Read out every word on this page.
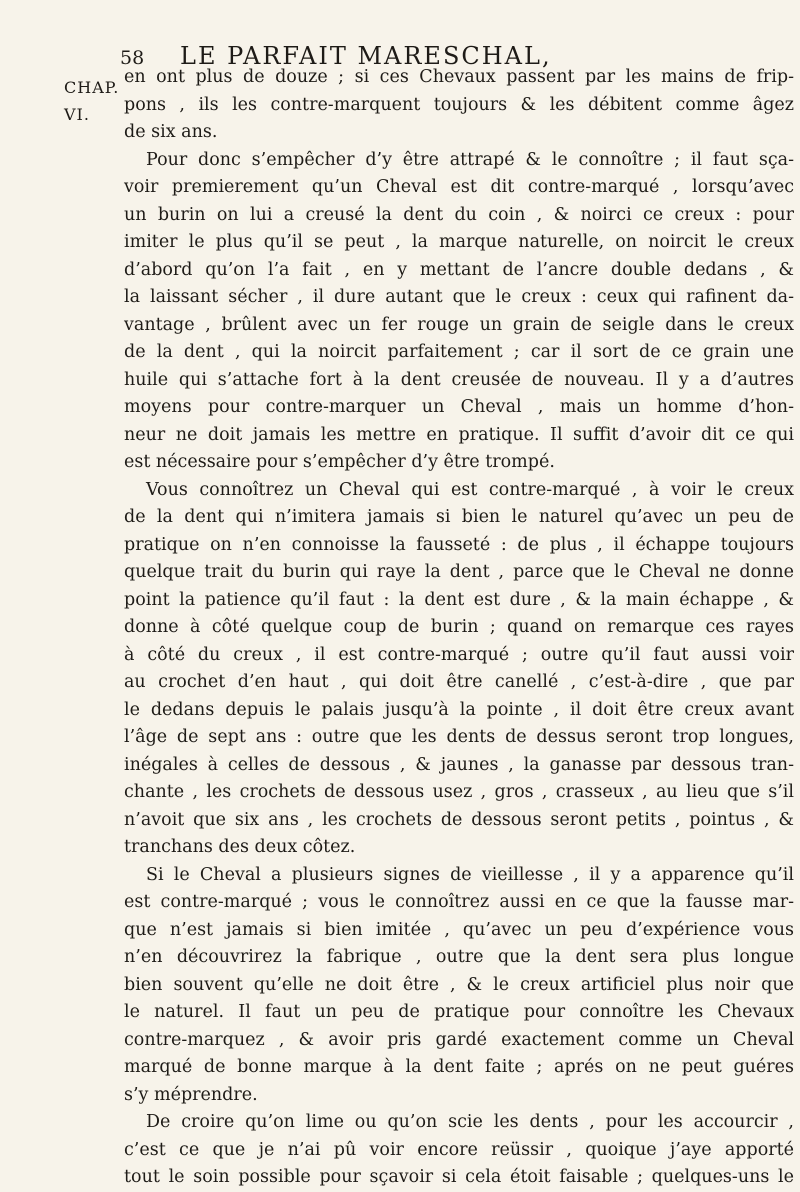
58	LE PARFAIT MARESCHAL,
CHAP.
VI.
en ont plus de douze ; si ces Chevaux passent par les mains de frip-
pons , ils les contre-marquent toujours & les débitent comme âgez
de six ans.
Pour donc s’empêcher d’y être attrapé & le connoître ; il faut sça-
voir premierement qu’un Cheval est dit contre-marqué , lorsqu’avec
un burin on lui a creusé la dent du coin , & noirci ce creux : pour
imiter le plus qu’il se peut , la marque naturelle, on noircit le creux
d’abord qu’on l’a fait , en y mettant de l’ancre double dedans , &
la laissant sécher , il dure autant que le creux : ceux qui rafinent da-
vantage , brûlent avec un fer rouge un grain de seigle dans le creux
de la dent , qui la noircit parfaitement ; car il sort de ce grain une
huile qui s’attache fort à la dent creusée de nouveau. Il y a d’autres
moyens pour contre-marquer un Cheval , mais un homme d’hon-
neur ne doit jamais les mettre en pratique. Il suffit d’avoir dit ce qui
est nécessaire pour s’empêcher d’y être trompé.
Vous connoîtrez un Cheval qui est contre-marqué , à voir le creux
de la dent qui n’imitera jamais si bien le naturel qu’avec un peu de
pratique on n’en connoisse la fausseté : de plus , il échappe toujours
quelque trait du burin qui raye la dent , parce que le Cheval ne donne
point la patience qu’il faut : la dent est dure , & la main échappe , &
donne à côté quelque coup de burin ; quand on remarque ces rayes
à côté du creux , il est contre-marqué ; outre qu’il faut aussi voir
au crochet d’en haut , qui doit être canellé , c’est-à-dire , que par
le dedans depuis le palais jusqu’à la pointe , il doit être creux avant
l’âge de sept ans : outre que les dents de dessus seront trop longues,
inégales à celles de dessous , & jaunes , la ganasse par dessous tran-
chante , les crochets de dessous usez , gros , crasseux , au lieu que s’il
n’avoit que six ans , les crochets de dessous seront petits , pointus , &
tranchans des deux côtez.
Si le Cheval a plusieurs signes de vieillesse , il y a apparence qu’il
est contre-marqué ; vous le connoîtrez aussi en ce que la fausse mar-
que n’est jamais si bien imitée , qu’avec un peu d’expérience vous
n’en découvrirez la fabrique , outre que la dent sera plus longue
bien souvent qu’elle ne doit être , & le creux artificiel plus noir que
le naturel. Il faut un peu de pratique pour connoître les Chevaux
contre-marquez , & avoir pris gardé exactement comme un Cheval
marqué de bonne marque à la dent faite ; aprés on ne peut guéres
s’y méprendre.
De croire qu’on lime ou qu’on scie les dents , pour les accourcir ,
c’est ce que je n’ai pû voir encore reüssir , quoique j’aye apporté
tout le soin possible pour sçavoir si cela étoit faisable ; quelques-uns le
